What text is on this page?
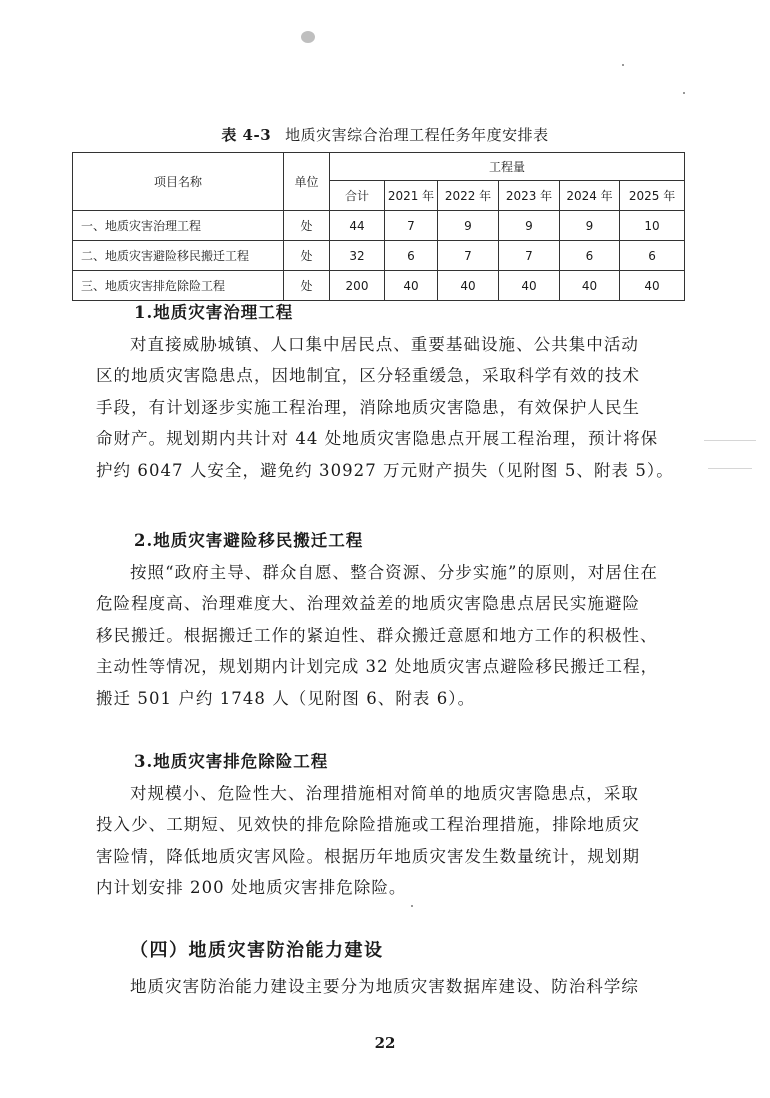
表 4-3 地质灾害综合治理工程任务年度安排表
项目名称	单位	工程量					
		合计	2021 年	2022 年	2023 年	2024 年	2025 年
一、地质灾害治理工程	处	44	7	9	9	9	10
二、地质灾害避险移民搬迁工程	处	32	6	7	7	6	6
三、地质灾害排危除险工程	处	200	40	40	40	40	40

1.地质灾害治理工程

对直接威胁城镇、人口集中居民点、重要基础设施、公共集中活动

区的地质灾害隐患点，因地制宜，区分轻重缓急，采取科学有效的技术

手段，有计划逐步实施工程治理，消除地质灾害隐患，有效保护人民生

命财产。规划期内共计对 44 处地质灾害隐患点开展工程治理，预计将保

护约 6047 人安全，避免约 30927 万元财产损失（见附图 5、附表 5）。

2.地质灾害避险移民搬迁工程

按照“政府主导、群众自愿、整合资源、分步实施”的原则，对居住在

危险程度高、治理难度大、治理效益差的地质灾害隐患点居民实施避险

移民搬迁。根据搬迁工作的紧迫性、群众搬迁意愿和地方工作的积极性、

主动性等情况，规划期内计划完成 32 处地质灾害点避险移民搬迁工程，

搬迁 501 户约 1748 人（见附图 6、附表 6）。

3.地质灾害排危除险工程

对规模小、危险性大、治理措施相对简单的地质灾害隐患点，采取

投入少、工期短、见效快的排危除险措施或工程治理措施，排除地质灾

害险情，降低地质灾害风险。根据历年地质灾害发生数量统计，规划期

内计划安排 200 处地质灾害排危除险。

（四）地质灾害防治能力建设

地质灾害防治能力建设主要分为地质灾害数据库建设、防治科学综

22
